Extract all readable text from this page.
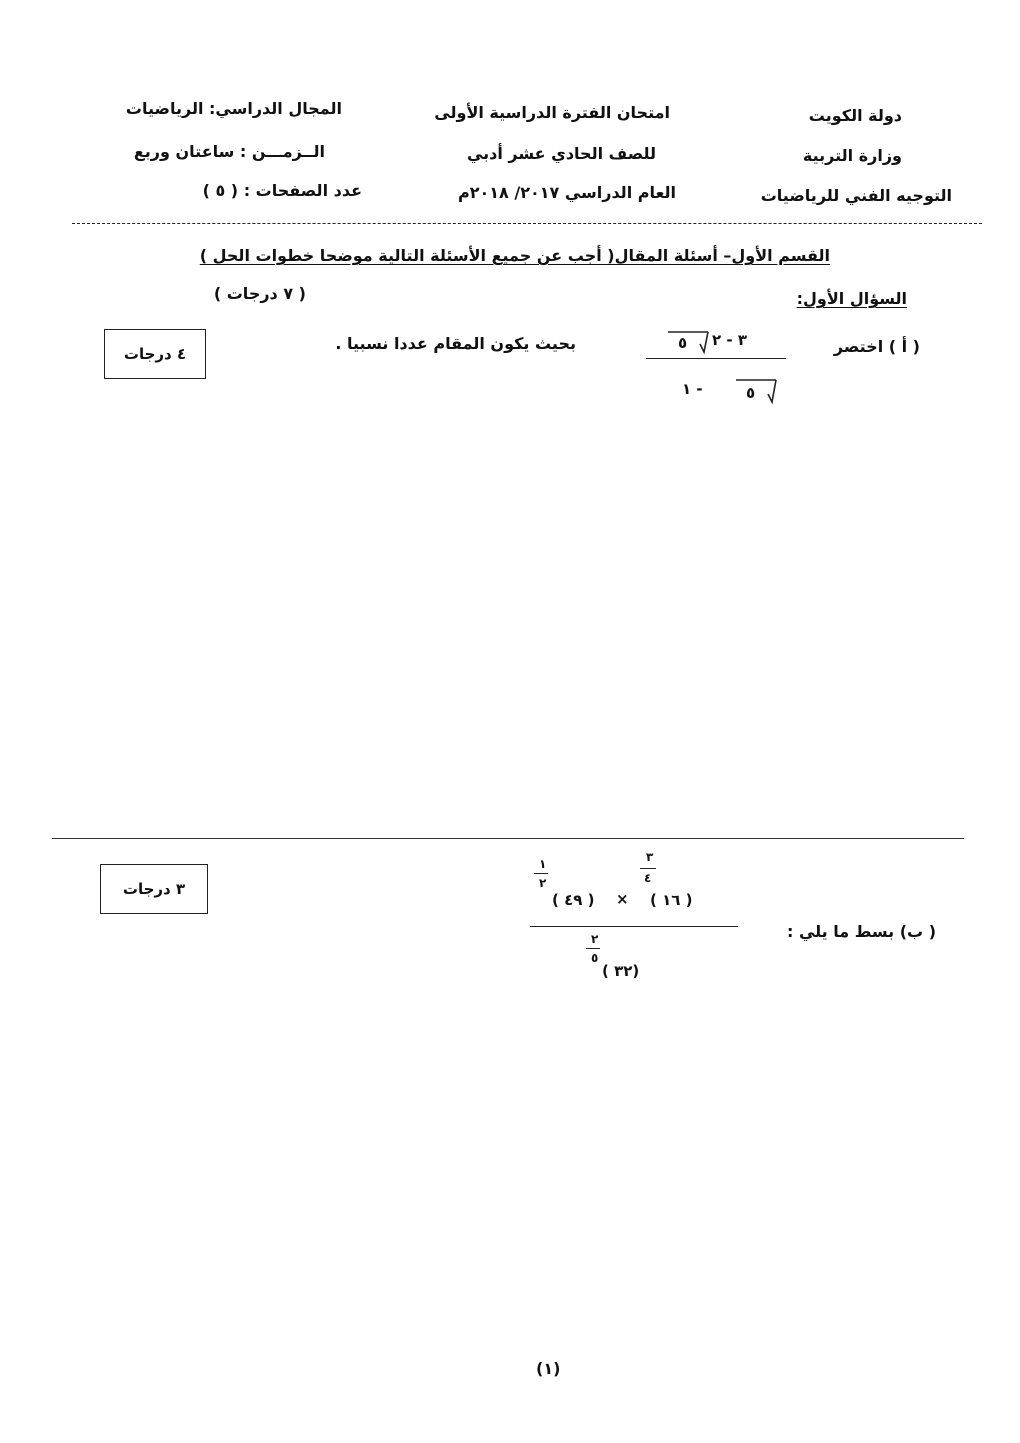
دولة الكويت
وزارة التربية
التوجيه الفني للرياضيات
امتحان الفترة الدراسية الأولى
للصف الحادي عشر أدبي
العام الدراسي ٢٠١٧/ ٢٠١٨م
المجال الدراسي: الرياضيات
الــزمـــن : ساعتان وربع
عدد الصفحات : ( ٥ )
القسم الأول– أسئلة المقال( أجب عن جميع الأسئلة التالية موضحا خطوات الحل )
السؤال الأول:
( ٧ درجات )
( أ ) اختصر
بحيث يكون المقام عددا نسبيا .
٤ درجات
٣ - ٢
٥
- ١	٥
( ب) بسط ما يلي :
٣ درجات
( ٤٩ )
١
٢
× ( ١٦ )
٣
٤
( ٣٢)
٢
٥
(١)
